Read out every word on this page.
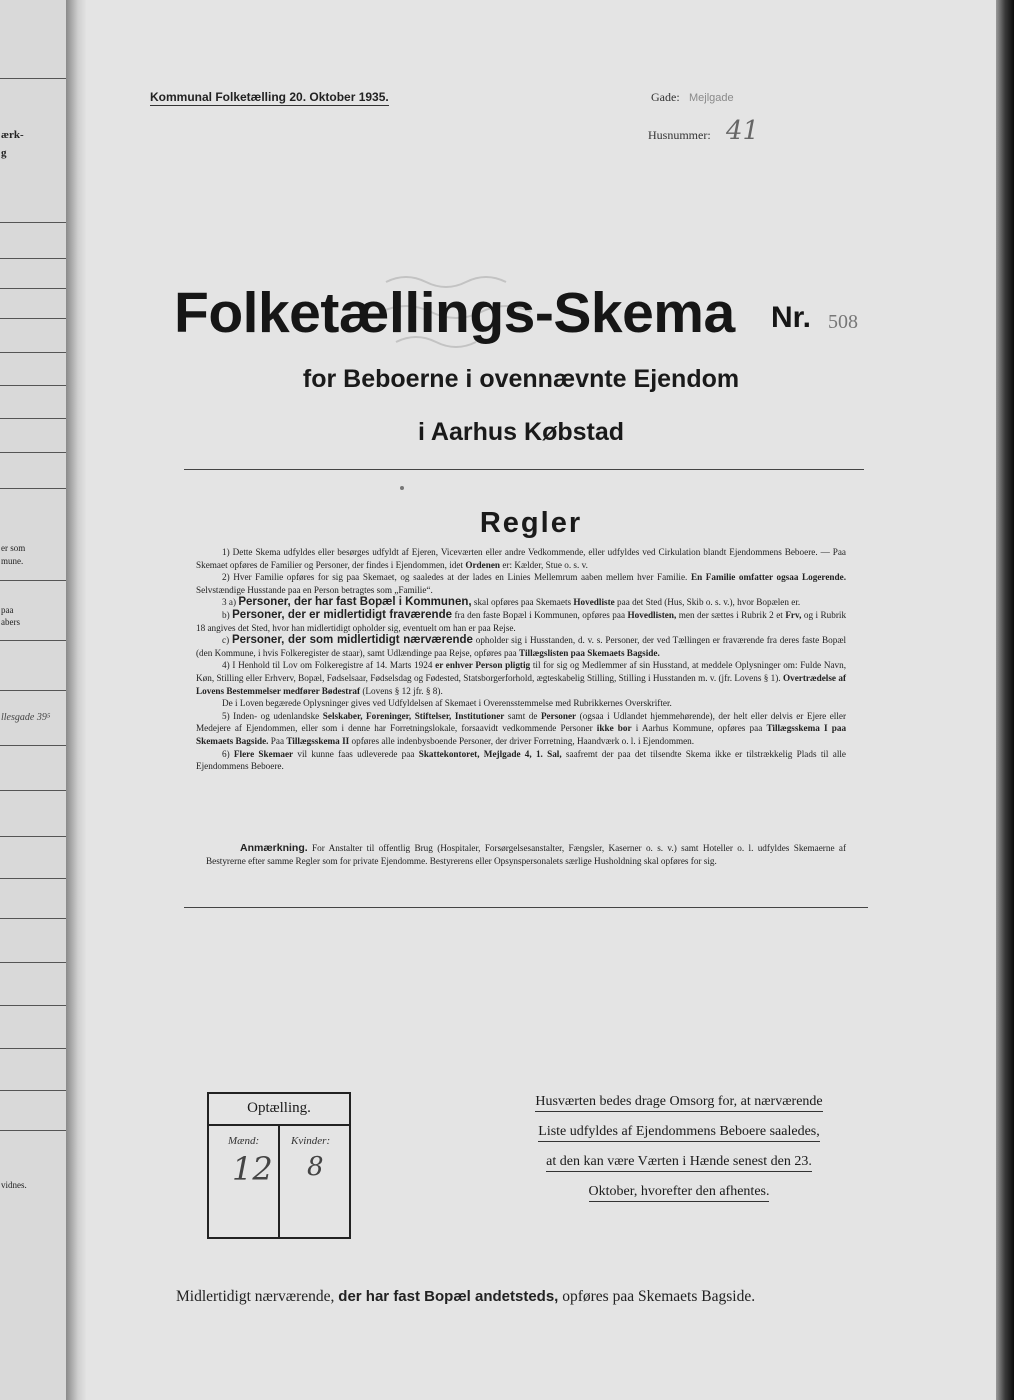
ærk-
g
er som
mune.
paa
abers
llesgade 39⁵
vidnes.
Kommunal Folketælling 20. Oktober 1935.	Gade: Mejlgade
Husnummer: 41
Folketællings-Skema Nr. 508
for Beboerne i ovennævnte Ejendom
i Aarhus Købstad
Regler

1) Dette Skema udfyldes eller besørges udfyldt af Ejeren, Viceværten eller andre Vedkommende, eller udfyldes ved Cirkulation blandt Ejendommens Beboere. — Paa Skemaet opføres de Familier og Personer, der findes i Ejendommen, idet Ordenen er: Kælder, Stue o. s. v.

2) Hver Familie opføres for sig paa Skemaet, og saaledes at der lades en Linies Mellemrum aaben mellem hver Familie. En Familie omfatter ogsaa Logerende. Selvstændige Husstande paa en Person betragtes som „Familie“.

3 a) Personer, der har fast Bopæl i Kommunen, skal opføres paa Skemaets Hovedliste paa det Sted (Hus, Skib o. s. v.), hvor Bopælen er.

b) Personer, der er midlertidigt fraværende fra den faste Bopæl i Kommunen, opføres paa Hovedlisten, men der sættes i Rubrik 2 et Frv, og i Rubrik 18 angives det Sted, hvor han midlertidigt opholder sig, eventuelt om han er paa Rejse.

c) Personer, der som midlertidigt nærværende opholder sig i Husstanden, d. v. s. Personer, der ved Tællingen er fraværende fra deres faste Bopæl (den Kommune, i hvis Folkeregister de staar), samt Udlændinge paa Rejse, opføres paa Tillægslisten paa Skemaets Bagside.

4) I Henhold til Lov om Folkeregistre af 14. Marts 1924 er enhver Person pligtig til for sig og Medlemmer af sin Husstand, at meddele Oplysninger om: Fulde Navn, Køn, Stilling eller Erhverv, Bopæl, Fødselsaar, Fødselsdag og Fødested, Statsborgerforhold, ægteskabelig Stilling, Stilling i Husstanden m. v. (jfr. Lovens § 1). Overtrædelse af Lovens Bestemmelser medfører Bødestraf (Lovens § 12 jfr. § 8).

De i Loven begærede Oplysninger gives ved Udfyldelsen af Skemaet i Overensstemmelse med Rubrikkernes Overskrifter.

5) Inden- og udenlandske Selskaber, Foreninger, Stiftelser, Institutioner samt de Personer (ogsaa i Udlandet hjemmehørende), der helt eller delvis er Ejere eller Medejere af Ejendommen, eller som i denne har Forretningslokale, forsaavidt vedkommende Personer ikke bor i Aarhus Kommune, opføres paa Tillægsskema I paa Skemaets Bagside. Paa Tillægsskema II opføres alle indenbysboende Personer, der driver Forretning, Haandværk o. l. i Ejendommen.

6) Flere Skemaer vil kunne faas udleverede paa Skattekontoret, Mejlgade 4, 1. Sal, saafremt der paa det tilsendte Skema ikke er tilstrækkelig Plads til alle Ejendommens Beboere.

Anmærkning. For Anstalter til offentlig Brug (Hospitaler, Forsørgelsesanstalter, Fængsler, Kaserner o. s. v.) samt Hoteller o. l. udfyldes Skemaerne af Bestyrerne efter samme Regler som for private Ejendomme. Bestyrerens eller Opsynspersonalets særlige Husholdning skal opføres for sig.

Optælling.
Mænd:	Kvinder:
12 8
Husværten bedes drage Omsorg for, at nærværende
Liste udfyldes af Ejendommens Beboere saaledes,
at den kan være Værten i Hænde senest den 23.
Oktober, hvorefter den afhentes.
Midlertidigt nærværende, der har fast Bopæl andetsteds, opføres paa Skemaets Bagside.
